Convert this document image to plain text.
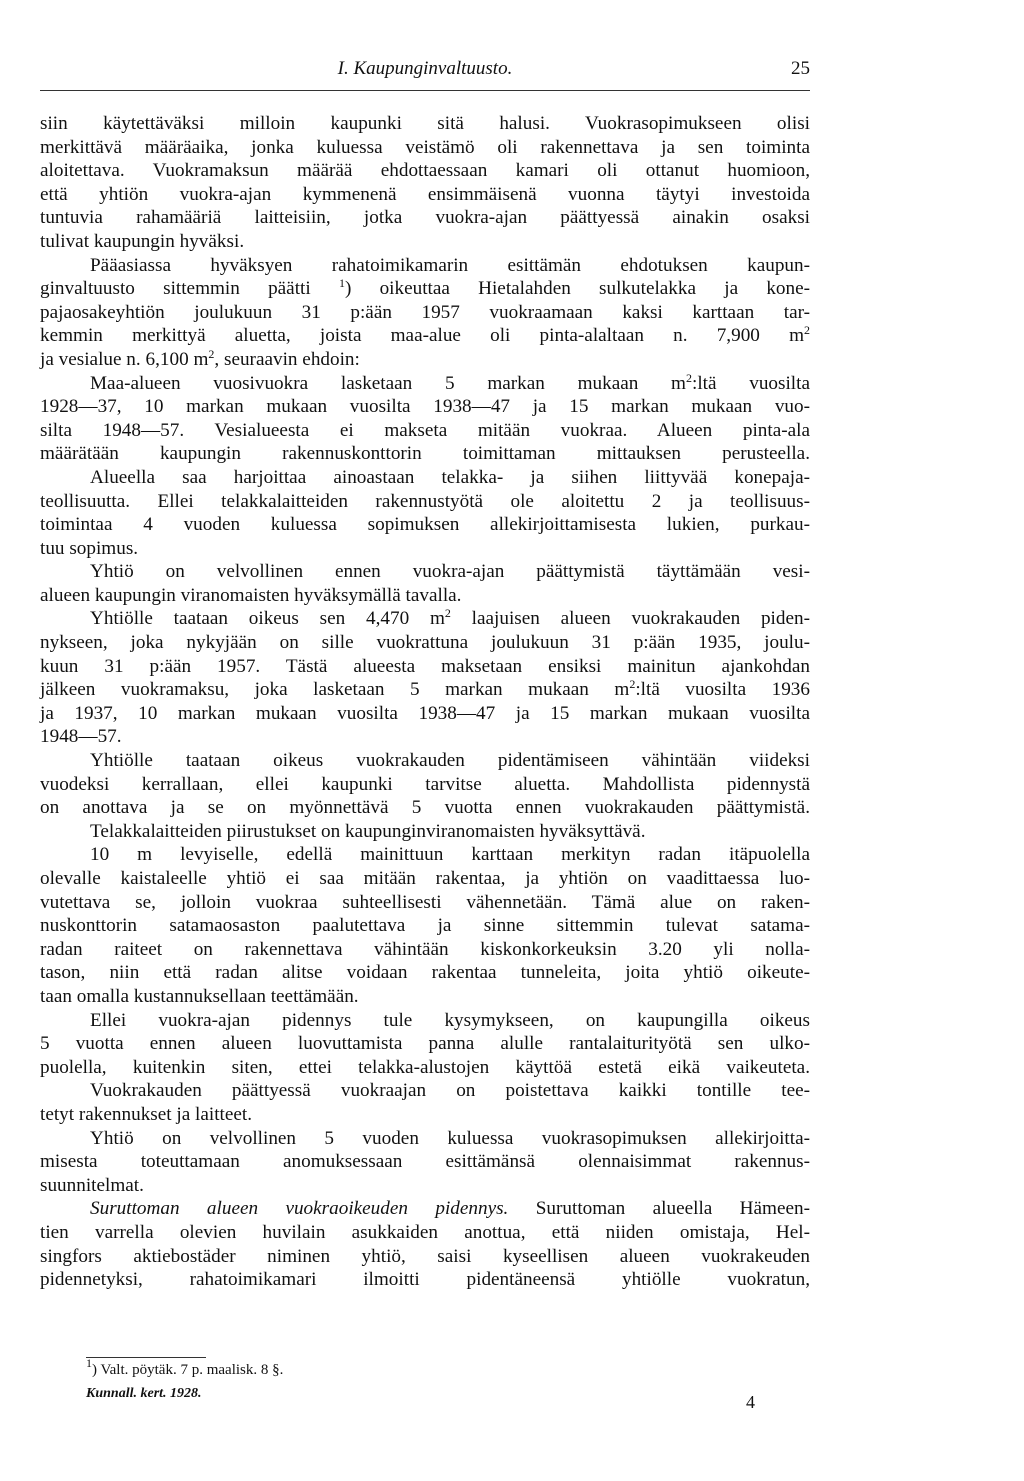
I. Kaupunginvaltuusto.	25
siin käytettäväksi milloin kaupunki sitä halusi. Vuokrasopimukseen olisi
merkittävä määräaika, jonka kuluessa veistämö oli rakennettava ja sen toiminta
aloitettava. Vuokramaksun määrää ehdottaessaan kamari oli ottanut huomioon,
että yhtiön vuokra-ajan kymmenenä ensimmäisenä vuonna täytyi investoida
tuntuvia rahamääriä laitteisiin, jotka vuokra-ajan päättyessä ainakin osaksi
tulivat kaupungin hyväksi.
Pääasiassa hyväksyen rahatoimikamarin esittämän ehdotuksen kaupun-
ginvaltuusto sittemmin päätti $^1$) oikeuttaa Hietalahden sulkutelakka ja kone-
pajaosakeyhtiön joulukuun 31 p:ään 1957 vuokraamaan kaksi karttaan tar-
kemmin merkittyä aluetta, joista maa-alue oli pinta-alaltaan n. 7,900 $m^2$
ja vesialue n. 6,100 $m^2$, seuraavin ehdoin:
Maa-alueen vuosivuokra lasketaan 5 markan mukaan $m^2:ltä$ vuosilta
1928—37, 10 markan mukaan vuosilta 1938—47 ja 15 markan mukaan vuo-
silta 1948—57. Vesialueesta ei makseta mitään vuokraa. Alueen pinta-ala
määrätään kaupungin rakennuskonttorin toimittaman mittauksen perusteella.
Alueella saa harjoittaa ainoastaan telakka- ja siihen liittyvää konepaja-
teollisuutta. Ellei telakkalaitteiden rakennustyötä ole aloitettu 2 ja teollisuus-
toimintaa 4 vuoden kuluessa sopimuksen allekirjoittamisesta lukien, purkau-
tuu sopimus.
Yhtiö on velvollinen ennen vuokra-ajan päättymistä täyttämään vesi-
alueen kaupungin viranomaisten hyväksymällä tavalla.
Yhtiölle taataan oikeus sen 4,470 $m^2$ laajuisen alueen vuokrakauden piden-
nykseen, joka nykyjään on sille vuokrattuna joulukuun 31 p:ään 1935, joulu-
kuun 31 p:ään 1957. Tästä alueesta maksetaan ensiksi mainitun ajankohdan
jälkeen vuokramaksu, joka lasketaan 5 markan mukaan $m^2:ltä$ vuosilta 1936
ja 1937, 10 markan mukaan vuosilta 1938—47 ja 15 markan mukaan vuosilta
1948—57.
Yhtiölle taataan oikeus vuokrakauden pidentämiseen vähintään viideksi
vuodeksi kerrallaan, ellei kaupunki tarvitse aluetta. Mahdollista pidennystä
on anottava ja se on myönnettävä 5 vuotta ennen vuokrakauden päättymistä.
Telakkalaitteiden piirustukset on kaupunginviranomaisten hyväksyttävä.
10 m levyiselle, edellä mainittuun karttaan merkityn radan itäpuolella
olevalle kaistaleelle yhtiö ei saa mitään rakentaa, ja yhtiön on vaadittaessa luo-
vutettava se, jolloin vuokraa suhteellisesti vähennetään. Tämä alue on raken-
nuskonttorin satamaosaston paalutettava ja sinne sittemmin tulevat satama-
radan raiteet on rakennettava vähintään kiskonkorkeuksin 3.20 yli nolla-
tason, niin että radan alitse voidaan rakentaa tunneleita, joita yhtiö oikeute-
taan omalla kustannuksellaan teettämään.
Ellei vuokra-ajan pidennys tule kysymykseen, on kaupungilla oikeus
5 vuotta ennen alueen luovuttamista panna alulle rantalaiturityötä sen ulko-
puolella, kuitenkin siten, ettei telakka-alustojen käyttöä estetä eikä vaikeuteta.
Vuokrakauden päättyessä vuokraajan on poistettava kaikki tontille tee-
tetyt rakennukset ja laitteet.
Yhtiö on velvollinen 5 vuoden kuluessa vuokrasopimuksen allekirjoitta-
misesta toteuttamaan anomuksessaan esittämänsä olennaisimmat rakennus-
suunnitelmat.
Suruttoman alueen vuokraoikeuden pidennys. Suruttoman alueella Hämeen-
tien varrella olevien huvilain asukkaiden anottua, että niiden omistaja, Hel-
singfors aktiebostäder niminen yhtiö, saisi kyseellisen alueen vuokrakeuden
pidennetyksi, rahatoimikamari ilmoitti pidentäneensä yhtiölle vuokratun,
$^1$) Valt. pöytäk. 7 p. maalisk. 8 §.
Kunnall. kert. 1928.	4
